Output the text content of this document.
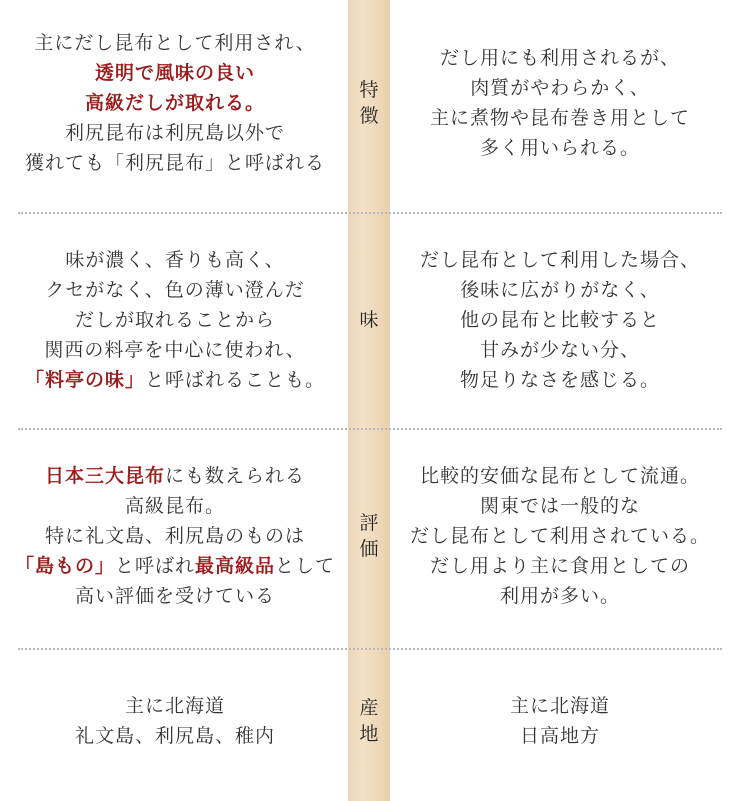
主にだし昆布として利用され、
透明で風味の良い
高級だしが取れる。
利尻昆布は利尻島以外で
獲れても「利尻昆布」と呼ばれる
特
徴
だし用にも利用されるが、
肉質がやわらかく、
主に煮物や昆布巻き用として
多く用いられる。
味が濃く、香りも高く、
クセがなく、色の薄い澄んだ
だしが取れることから
関西の料亭を中心に使われ、
「料亭の味」と呼ばれることも。
味
だし昆布として利用した場合、
後味に広がりがなく、
他の昆布と比較すると
甘みが少ない分、
物足りなさを感じる。
日本三大昆布にも数えられる
高級昆布。
特に礼文島、利尻島のものは
「島もの」と呼ばれ最高級品として
高い評価を受けている
評
価
比較的安価な昆布として流通。
関東では一般的な
だし昆布として利用されている。
だし用より主に食用としての
利用が多い。
主に北海道
礼文島、利尻島、稚内
産
地
主に北海道
日高地方
